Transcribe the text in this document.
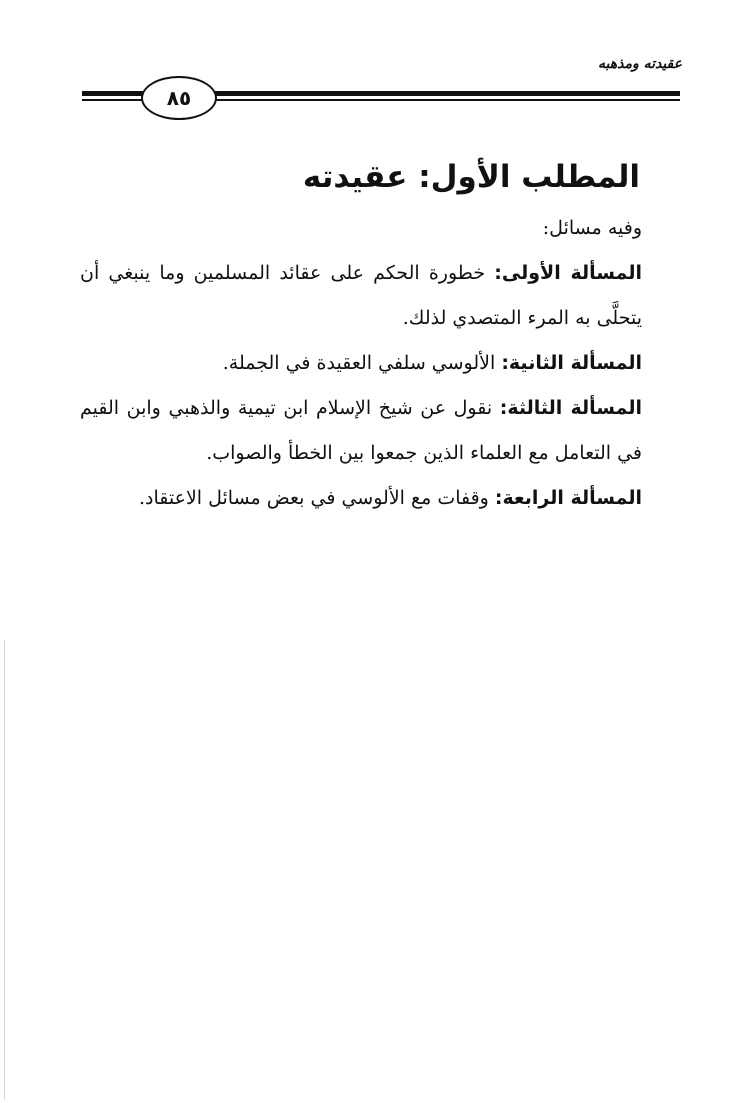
عقيدته ومذهبه
٨٥
المطلب الأول: عقيدته

وفيه مسائل:

المسألة الأولى: خطورة الحكم على عقائد المسلمين وما ينبغي أن يتحلَّى به المرء المتصدي لذلك.

المسألة الثانية: الألوسي سلفي العقيدة في الجملة.

المسألة الثالثة: نقول عن شيخ الإسلام ابن تيمية والذهبي وابن القيم في التعامل مع العلماء الذين جمعوا بين الخطأ والصواب.

المسألة الرابعة: وقفات مع الألوسي في بعض مسائل الاعتقاد.
